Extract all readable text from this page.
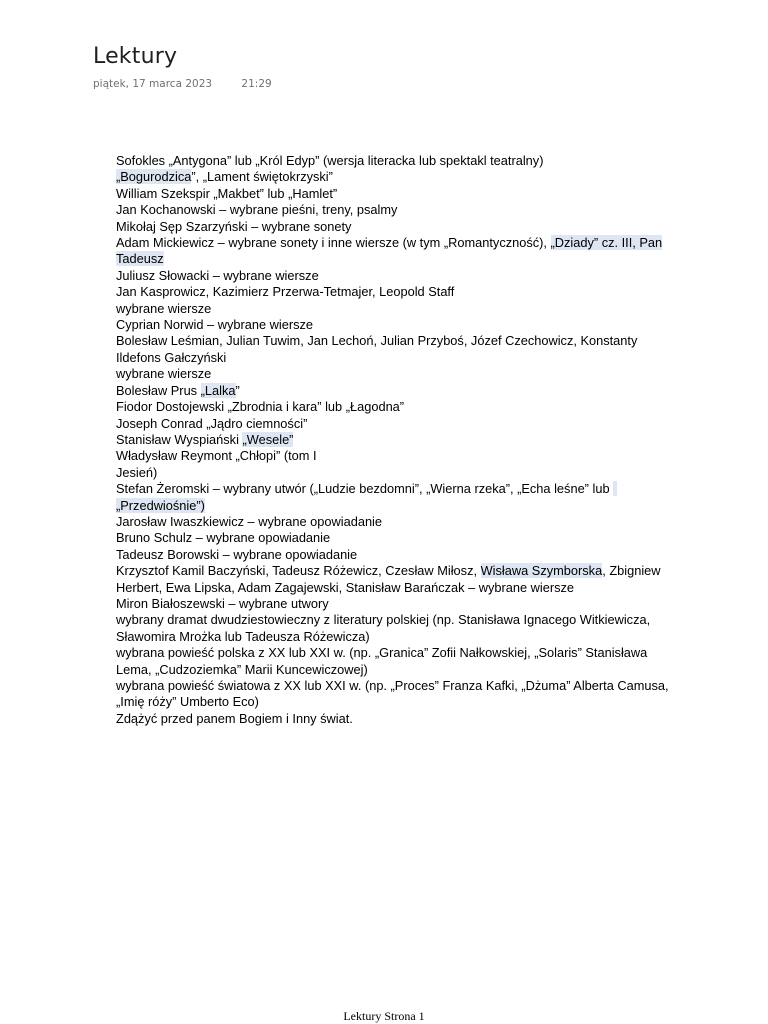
Lektury
piątek, 17 marca 2023	21:29
Sofokles „Antygona” lub „Król Edyp” (wersja literacka lub spektakl teatralny)
„Bogurodzica”, „Lament świętokrzyski”
William Szekspir „Makbet” lub „Hamlet”
Jan Kochanowski – wybrane pieśni, treny, psalmy
Mikołaj Sęp Szarzyński – wybrane sonety
Adam Mickiewicz – wybrane sonety i inne wiersze (w tym „Romantyczność), „Dziady” cz. III, Pan
Tadeusz
Juliusz Słowacki – wybrane wiersze
Jan Kasprowicz, Kazimierz Przerwa-Tetmajer, Leopold Staff
wybrane wiersze
Cyprian Norwid – wybrane wiersze
Bolesław Leśmian, Julian Tuwim, Jan Lechoń, Julian Przyboś, Józef Czechowicz, Konstanty
Ildefons Gałczyński
wybrane wiersze
Bolesław Prus „Lalka”
Fiodor Dostojewski „Zbrodnia i kara” lub „Łagodna”
Joseph Conrad „Jądro ciemności”
Stanisław Wyspiański „Wesele”
Władysław Reymont „Chłopi” (tom I
Jesień)
Stefan Żeromski – wybrany utwór („Ludzie bezdomni”, „Wierna rzeka”, „Echa leśne” lub
„Przedwiośnie”)
Jarosław Iwaszkiewicz – wybrane opowiadanie
Bruno Schulz – wybrane opowiadanie
Tadeusz Borowski – wybrane opowiadanie
Krzysztof Kamil Baczyński, Tadeusz Różewicz, Czesław Miłosz, Wisława Szymborska, Zbigniew
Herbert, Ewa Lipska, Adam Zagajewski, Stanisław Barańczak – wybrane wiersze
Miron Białoszewski – wybrane utwory
wybrany dramat dwudziestowieczny z literatury polskiej (np. Stanisława Ignacego Witkiewicza,
Sławomira Mrożka lub Tadeusza Różewicza)
wybrana powieść polska z XX lub XXI w. (np. „Granica” Zofii Nałkowskiej, „Solaris” Stanisława
Lema, „Cudzoziemka” Marii Kuncewiczowej)
wybrana powieść światowa z XX lub XXI w. (np. „Proces” Franza Kafki, „Dżuma” Alberta Camusa,
„Imię róży” Umberto Eco)
Zdążyć przed panem Bogiem i Inny świat.
Lektury Strona 1
